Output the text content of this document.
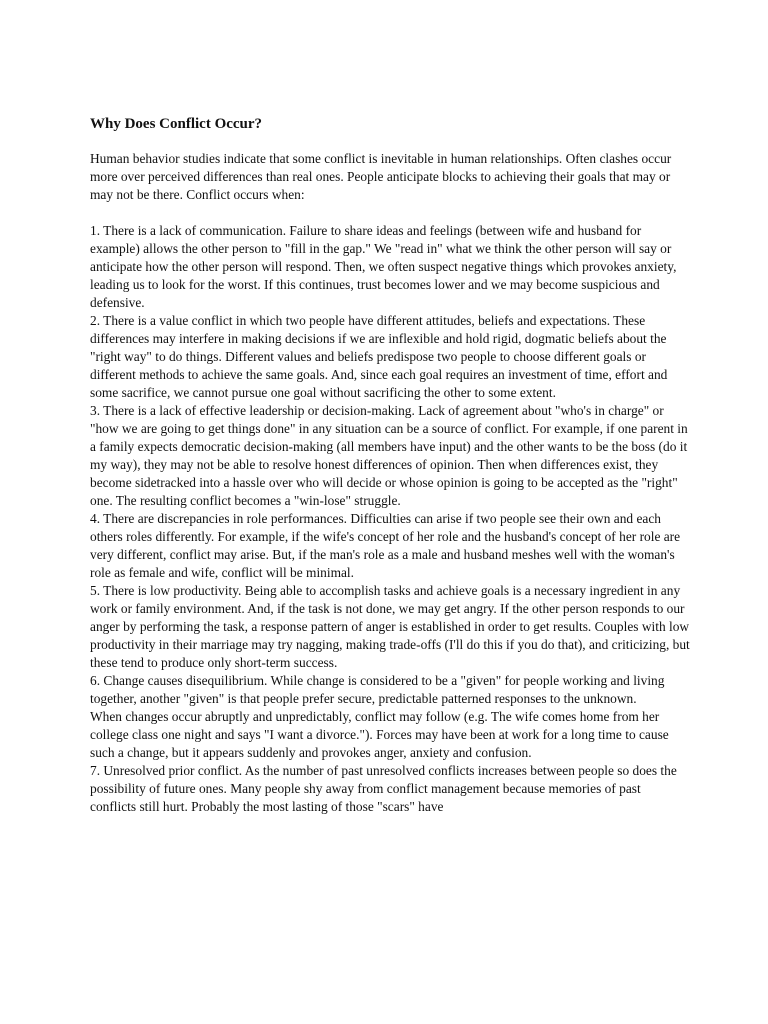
Why Does Conflict Occur?

Human behavior studies indicate that some conflict is inevitable in human relationships. Often clashes occur more over perceived differences than real ones. People anticipate blocks to achieving their goals that may or may not be there. Conflict occurs when:

1. There is a lack of communication. Failure to share ideas and feelings (between wife and husband for example) allows the other person to "fill in the gap." We "read in" what we think the other person will say or anticipate how the other person will respond. Then, we often suspect negative things which provokes anxiety, leading us to look for the worst. If this continues, trust becomes lower and we may become suspicious and defensive.

2. There is a value conflict in which two people have different attitudes, beliefs and expectations. These differences may interfere in making decisions if we are inflexible and hold rigid, dogmatic beliefs about the "right way" to do things. Different values and beliefs predispose two people to choose different goals or different methods to achieve the same goals. And, since each goal requires an investment of time, effort and some sacrifice, we cannot pursue one goal without sacrificing the other to some extent.

3. There is a lack of effective leadership or decision-making. Lack of agreement about "who's in charge" or "how we are going to get things done" in any situation can be a source of conflict. For example, if one parent in a family expects democratic decision-making (all members have input) and the other wants to be the boss (do it my way), they may not be able to resolve honest differences of opinion. Then when differences exist, they become sidetracked into a hassle over who will decide or whose opinion is going to be accepted as the "right" one. The resulting conflict becomes a "win-lose" struggle.

4. There are discrepancies in role performances. Difficulties can arise if two people see their own and each others roles differently. For example, if the wife's concept of her role and the husband's concept of her role are very different, conflict may arise. But, if the man's role as a male and husband meshes well with the woman's role as female and wife, conflict will be minimal.

5. There is low productivity. Being able to accomplish tasks and achieve goals is a necessary ingredient in any work or family environment. And, if the task is not done, we may get angry. If the other person responds to our anger by performing the task, a response pattern of anger is established in order to get results. Couples with low productivity in their marriage may try nagging, making trade-offs (I'll do this if you do that), and criticizing, but these tend to produce only short-term success.

6. Change causes disequilibrium. While change is considered to be a "given" for people working and living together, another "given" is that people prefer secure, predictable patterned responses to the unknown.

When changes occur abruptly and unpredictably, conflict may follow (e.g. The wife comes home from her college class one night and says "I want a divorce."). Forces may have been at work for a long time to cause such a change, but it appears suddenly and provokes anger, anxiety and confusion.

7. Unresolved prior conflict. As the number of past unresolved conflicts increases between people so does the possibility of future ones. Many people shy away from conflict management because memories of past conflicts still hurt. Probably the most lasting of those "scars" have
